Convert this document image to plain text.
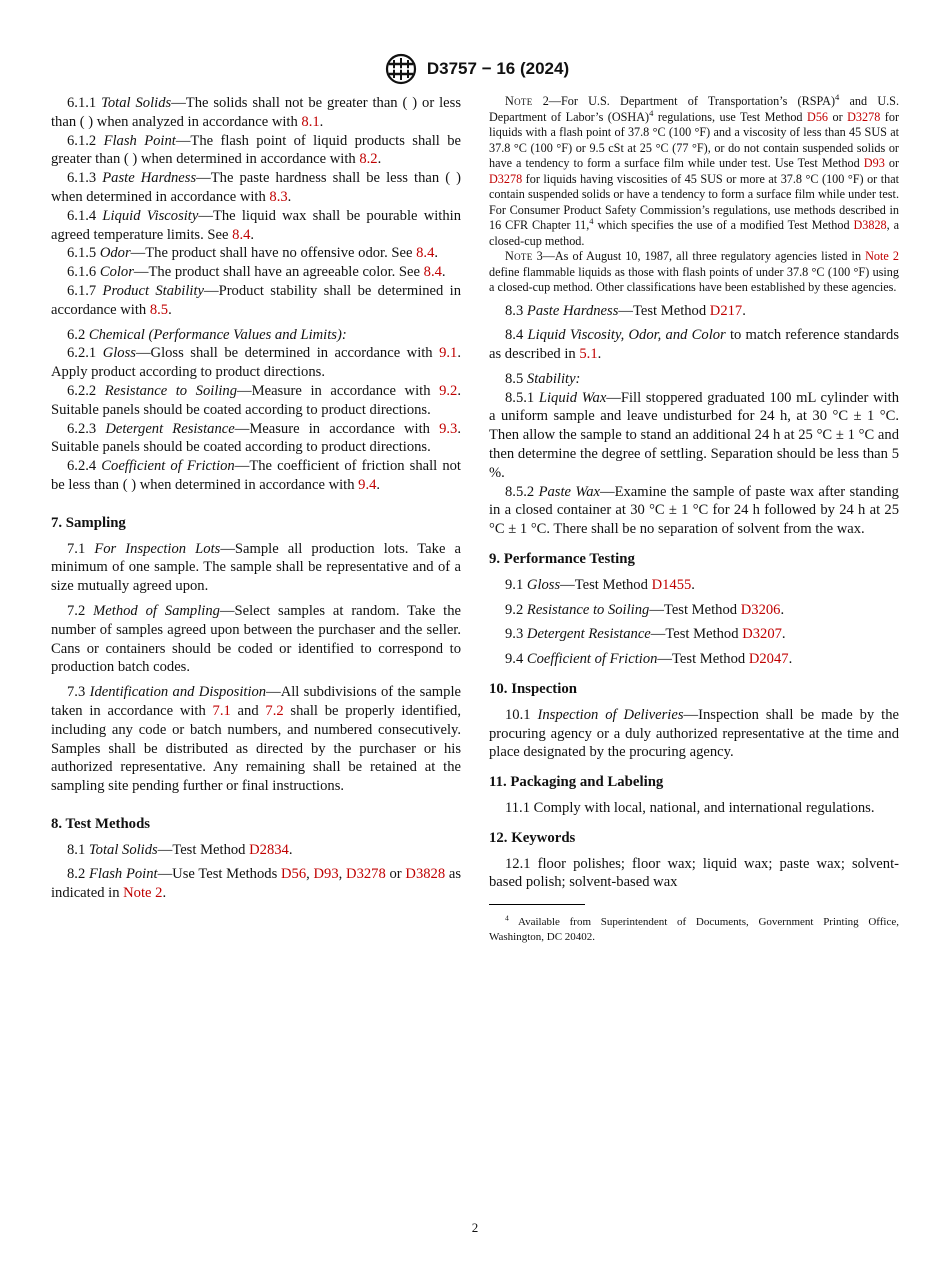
D3757 − 16 (2024)

6.1.1 Total Solids—The solids shall not be greater than ( ) or less than ( ) when analyzed in accordance with 8.1.

6.1.2 Flash Point—The flash point of liquid products shall be greater than ( ) when determined in accordance with 8.2.

6.1.3 Paste Hardness—The paste hardness shall be less than ( ) when determined in accordance with 8.3.

6.1.4 Liquid Viscosity—The liquid wax shall be pourable within agreed temperature limits. See 8.4.

6.1.5 Odor—The product shall have no offensive odor. See 8.4.

6.1.6 Color—The product shall have an agreeable color. See 8.4.

6.1.7 Product Stability—Product stability shall be determined in accordance with 8.5.

6.2 Chemical (Performance Values and Limits):

6.2.1 Gloss—Gloss shall be determined in accordance with 9.1. Apply product according to product directions.

6.2.2 Resistance to Soiling—Measure in accordance with 9.2. Suitable panels should be coated according to product directions.

6.2.3 Detergent Resistance—Measure in accordance with 9.3. Suitable panels should be coated according to product directions.

6.2.4 Coefficient of Friction—The coefficient of friction shall not be less than ( ) when determined in accordance with 9.4.

7. Sampling

7.1 For Inspection Lots—Sample all production lots. Take a minimum of one sample. The sample shall be representative and of a size mutually agreed upon.

7.2 Method of Sampling—Select samples at random. Take the number of samples agreed upon between the purchaser and the seller. Cans or containers should be coded or identified to correspond to production batch codes.

7.3 Identification and Disposition—All subdivisions of the sample taken in accordance with 7.1 and 7.2 shall be properly identified, including any code or batch numbers, and numbered consecutively. Samples shall be distributed as directed by the purchaser or his authorized representative. Any remaining shall be retained at the sampling site pending further or final instructions.

8. Test Methods

8.1 Total Solids—Test Method D2834.

8.2 Flash Point—Use Test Methods D56, D93, D3278 or D3828 as indicated in Note 2.

Note 2—For U.S. Department of Transportation’s (RSPA)$^4$ and U.S. Department of Labor’s (OSHA)$^4$ regulations, use Test Method D56 or D3278 for liquids with a flash point of 37.8 °C (100 °F) and a viscosity of less than 45 SUS at 37.8 °C (100 °F) or 9.5 cSt at 25 °C (77 °F), or do not contain suspended solids or have a tendency to form a surface film while under test. Use Test Method D93 or D3278 for liquids having viscosities of 45 SUS or more at 37.8 °C (100 °F) or that contain suspended solids or have a tendency to form a surface film while under test. For Consumer Product Safety Commission’s regulations, use methods described in 16 CFR Chapter 11,$^4$ which specifies the use of a modified Test Method D3828, a closed-cup method.

Note 3—As of August 10, 1987, all three regulatory agencies listed in Note 2 define flammable liquids as those with flash points of under 37.8 °C (100 °F) using a closed-cup method. Other classifications have been established by these agencies.

8.3 Paste Hardness—Test Method D217.

8.4 Liquid Viscosity, Odor, and Color to match reference standards as described in 5.1.

8.5 Stability:

8.5.1 Liquid Wax—Fill stoppered graduated 100 mL cylinder with a uniform sample and leave undisturbed for 24 h, at 30 °C ± 1 °C. Then allow the sample to stand an additional 24 h at 25 °C ± 1 °C and then determine the degree of settling. Separation should be less than 5 %.

8.5.2 Paste Wax—Examine the sample of paste wax after standing in a closed container at 30 °C ± 1 °C for 24 h followed by 24 h at 25 °C ± 1 °C. There shall be no separation of solvent from the wax.

9. Performance Testing

9.1 Gloss—Test Method D1455.

9.2 Resistance to Soiling—Test Method D3206.

9.3 Detergent Resistance—Test Method D3207.

9.4 Coefficient of Friction—Test Method D2047.

10. Inspection

10.1 Inspection of Deliveries—Inspection shall be made by the procuring agency or a duly authorized representative at the time and place designated by the procuring agency.

11. Packaging and Labeling

11.1 Comply with local, national, and international regulations.

12. Keywords

12.1 floor polishes; floor wax; liquid wax; paste wax; solvent-based polish; solvent-based wax

$^4$ Available from Superintendent of Documents, Government Printing Office, Washington, DC 20402.

2
